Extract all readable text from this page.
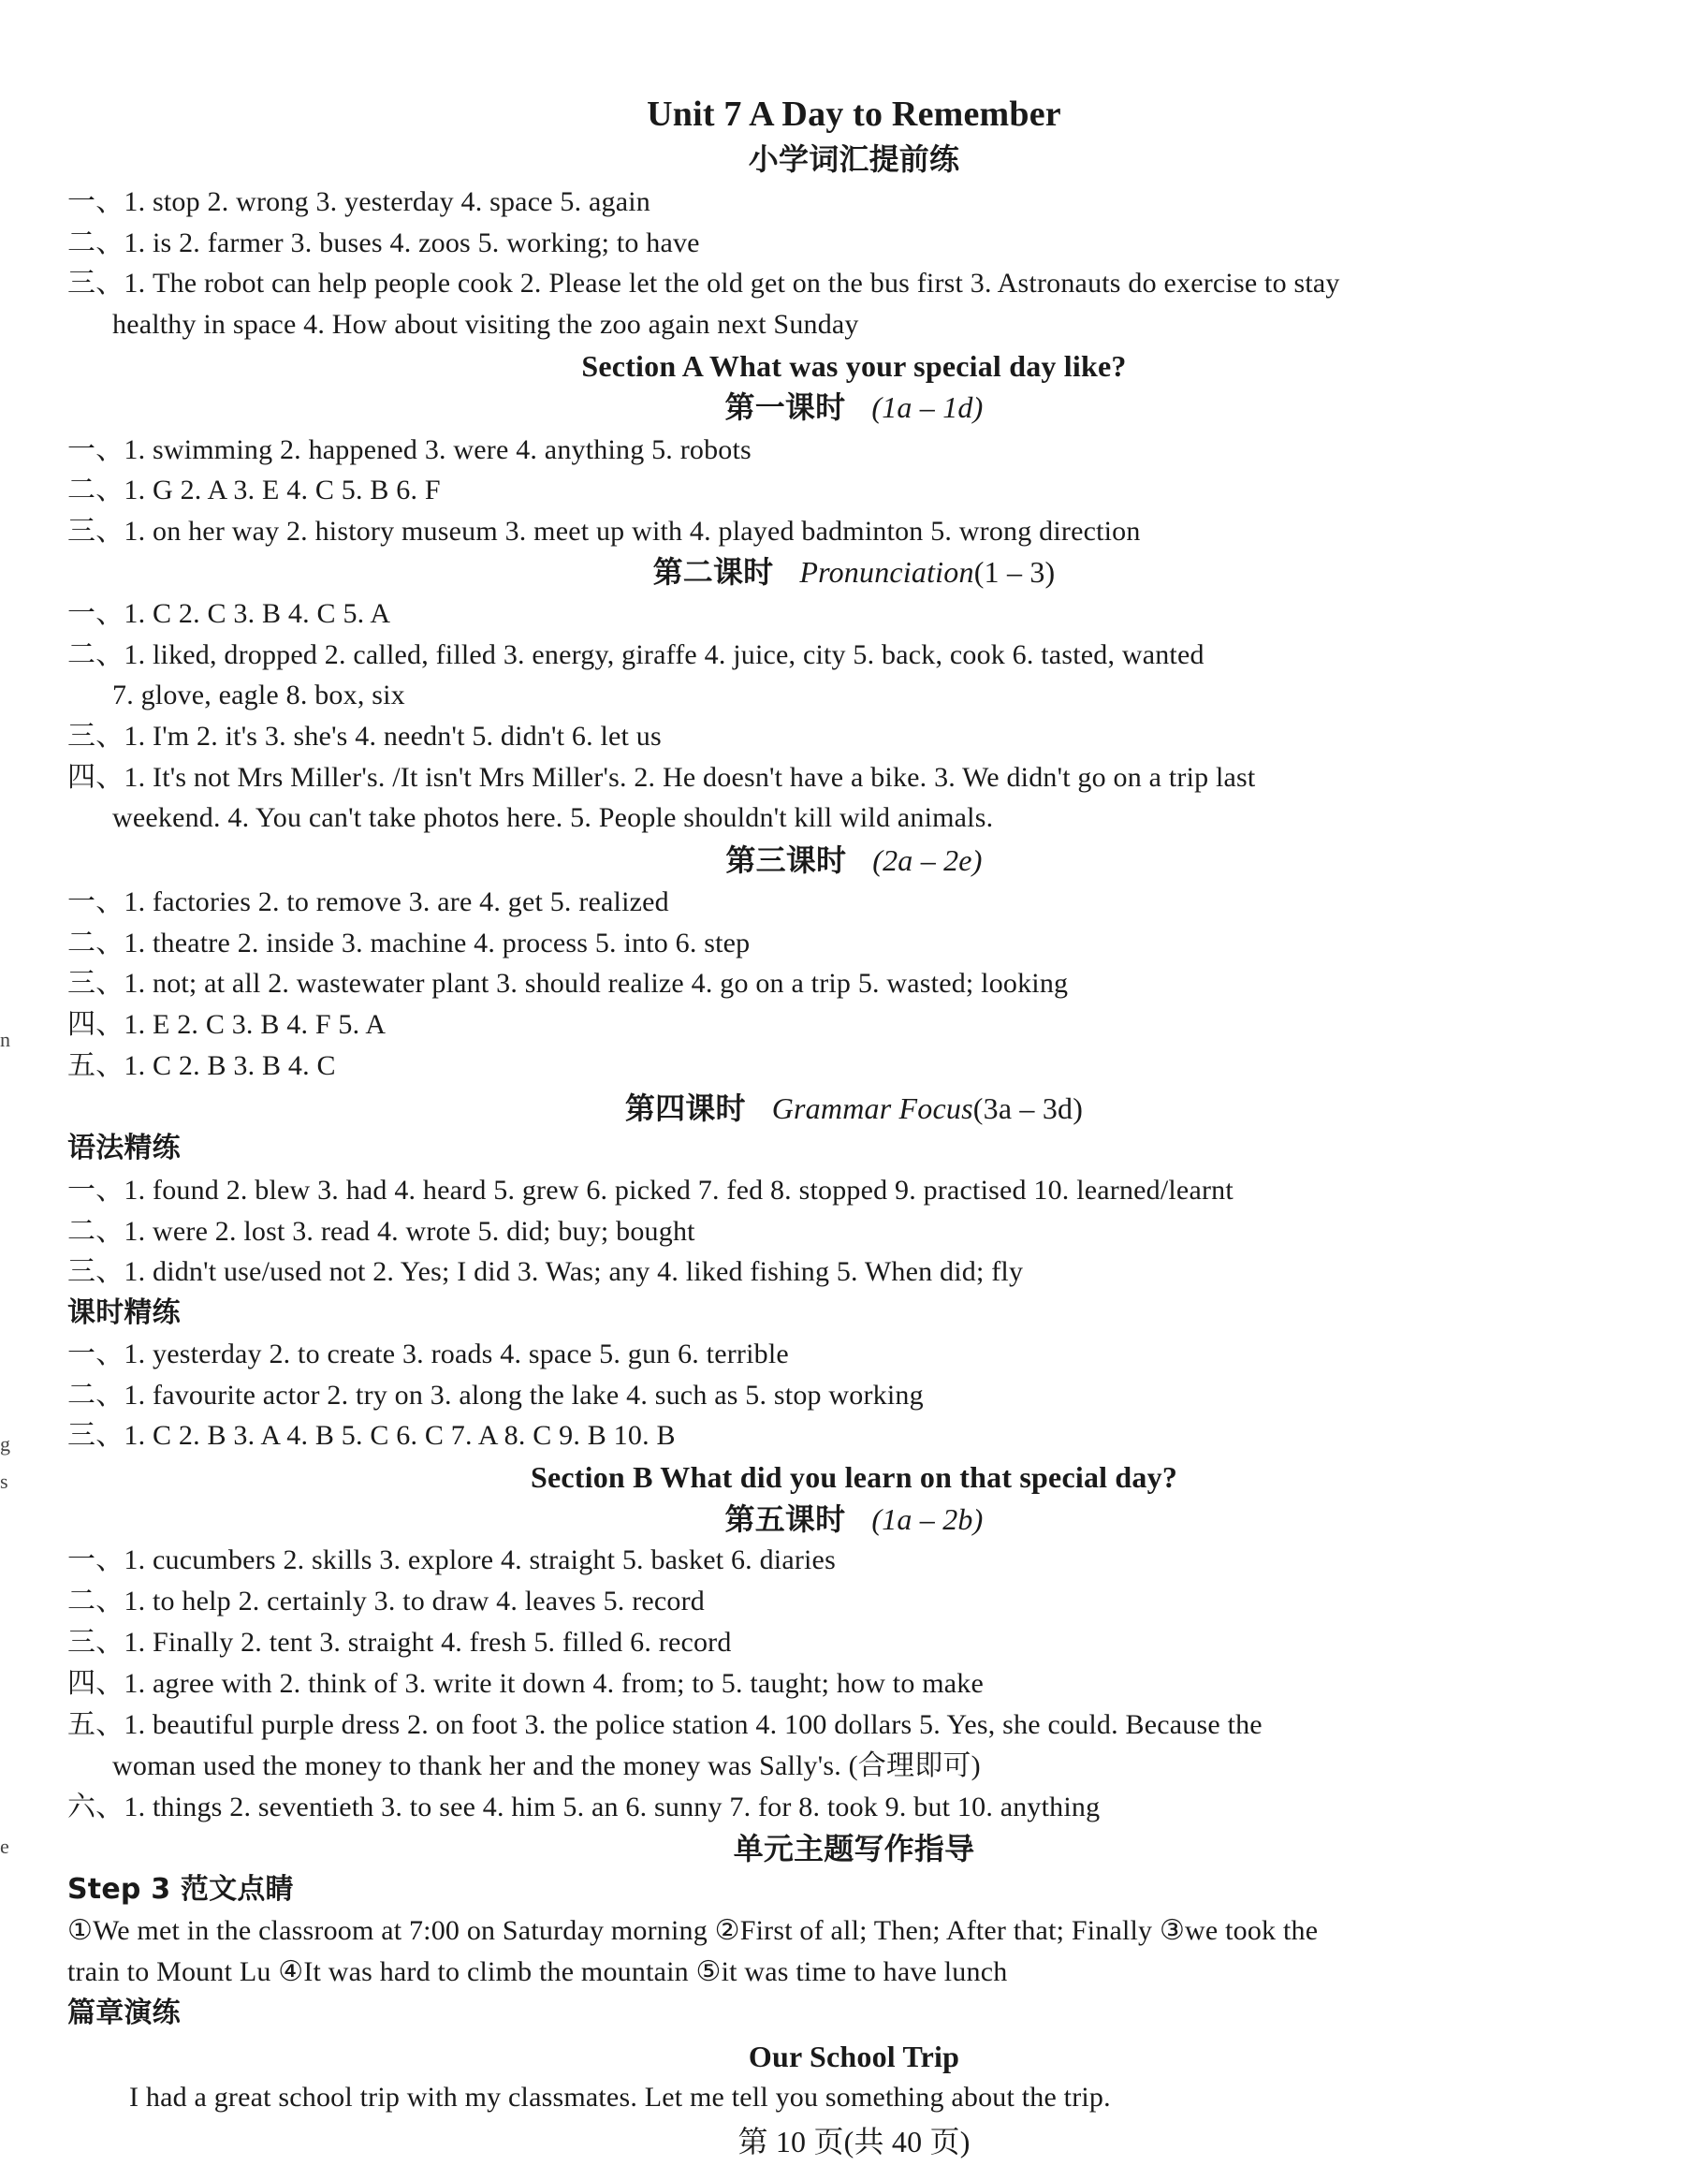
Unit 7 A Day to Remember
小学词汇提前练
一、1. stop 2. wrong 3. yesterday 4. space 5. again
二、1. is 2. farmer 3. buses 4. zoos 5. working; to have
三、1. The robot can help people cook 2. Please let the old get on the bus first 3. Astronauts do exercise to stay
healthy in space 4. How about visiting the zoo again next Sunday
Section A What was your special day like?
第一课时 (1a – 1d)
一、1. swimming 2. happened 3. were 4. anything 5. robots
二、1. G 2. A 3. E 4. C 5. B 6. F
三、1. on her way 2. history museum 3. meet up with 4. played badminton 5. wrong direction
第二课时 Pronunciation(1 – 3)
一、1. C 2. C 3. B 4. C 5. A
二、1. liked, dropped 2. called, filled 3. energy, giraffe 4. juice, city 5. back, cook 6. tasted, wanted
7. glove, eagle 8. box, six
三、1. I'm 2. it's 3. she's 4. needn't 5. didn't 6. let us
四、1. It's not Mrs Miller's. /It isn't Mrs Miller's. 2. He doesn't have a bike. 3. We didn't go on a trip last
weekend. 4. You can't take photos here. 5. People shouldn't kill wild animals.
第三课时 (2a – 2e)
一、1. factories 2. to remove 3. are 4. get 5. realized
二、1. theatre 2. inside 3. machine 4. process 5. into 6. step
三、1. not; at all 2. wastewater plant 3. should realize 4. go on a trip 5. wasted; looking
四、1. E 2. C 3. B 4. F 5. A
五、1. C 2. B 3. B 4. C
第四课时 Grammar Focus(3a – 3d)
语法精练
一、1. found 2. blew 3. had 4. heard 5. grew 6. picked 7. fed 8. stopped 9. practised 10. learned/learnt
二、1. were 2. lost 3. read 4. wrote 5. did; buy; bought
三、1. didn't use/used not 2. Yes; I did 3. Was; any 4. liked fishing 5. When did; fly
课时精练
一、1. yesterday 2. to create 3. roads 4. space 5. gun 6. terrible
二、1. favourite actor 2. try on 3. along the lake 4. such as 5. stop working
三、1. C 2. B 3. A 4. B 5. C 6. C 7. A 8. C 9. B 10. B
Section B What did you learn on that special day?
第五课时 (1a – 2b)
一、1. cucumbers 2. skills 3. explore 4. straight 5. basket 6. diaries
二、1. to help 2. certainly 3. to draw 4. leaves 5. record
三、1. Finally 2. tent 3. straight 4. fresh 5. filled 6. record
四、1. agree with 2. think of 3. write it down 4. from; to 5. taught; how to make
五、1. beautiful purple dress 2. on foot 3. the police station 4. 100 dollars 5. Yes, she could. Because the
woman used the money to thank her and the money was Sally's. (合理即可)
六、1. things 2. seventieth 3. to see 4. him 5. an 6. sunny 7. for 8. took 9. but 10. anything
单元主题写作指导
Step 3 范文点睛
①We met in the classroom at 7:00 on Saturday morning ②First of all; Then; After that; Finally ③we took the
train to Mount Lu ④It was hard to climb the mountain ⑤it was time to have lunch
篇章演练
Our School Trip
I had a great school trip with my classmates. Let me tell you something about the trip.
第 10 页(共 40 页)
n
g
s
e
